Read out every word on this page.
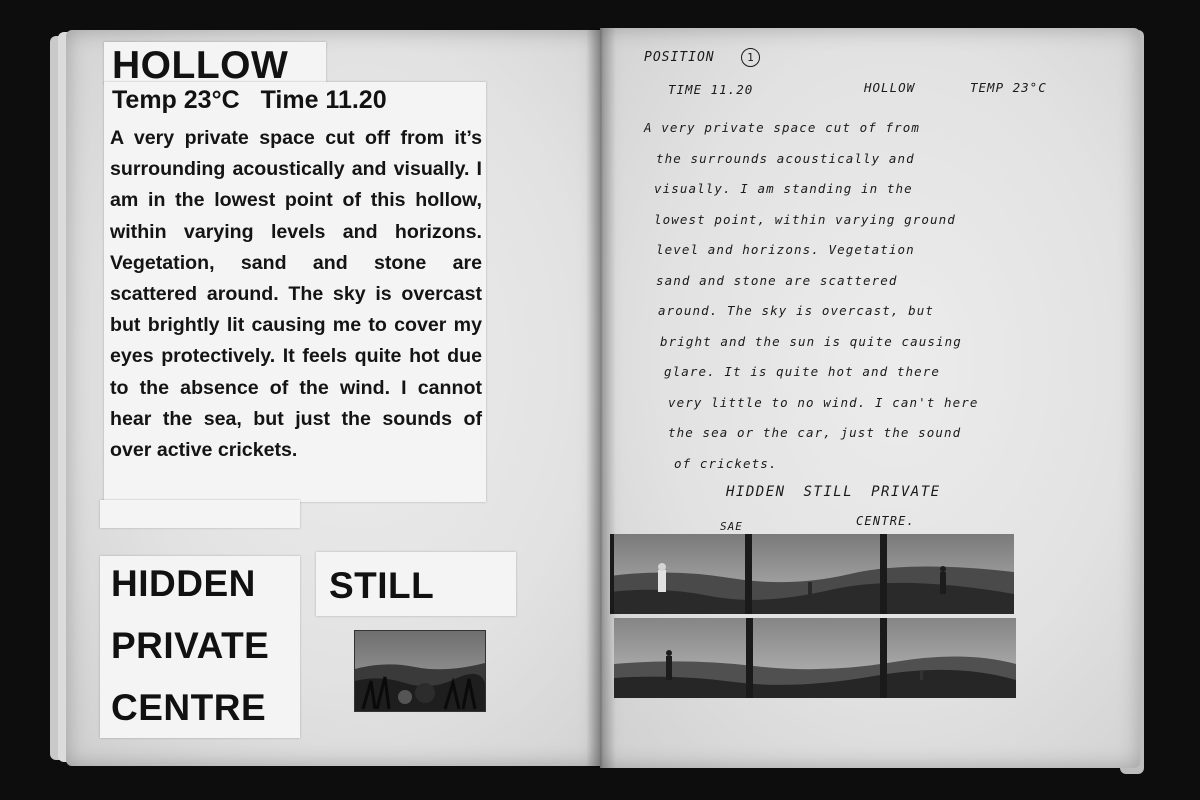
HOLLOW
Temp 23°C Time 11.20
A very private space cut off from it’s surrounding acoustically and visually. I am in the lowest point of this hollow, within varying levels and horizons. Vegetation, sand and stone are scattered around. The sky is overcast but brightly lit causing me to cover my eyes protectively. It feels quite hot due to the absence of the wind. I cannot hear the sea, but just the sounds of over active crickets.
HIDDEN
PRIVATE
CENTRE
STILL
POSITION	1
TIME 11.20	HOLLOW	TEMP 23°C
A very private space cut of from
the surrounds acoustically and
visually. I am standing in the
lowest point, within varying ground
level and horizons. Vegetation
sand and stone are scattered
around. The sky is overcast, but
bright and the sun is quite causing
glare. It is quite hot and there
very little to no wind. I can't here
the sea or the car, just the sound
of crickets.
HIDDEN STILL PRIVATE
SAE	CENTRE.
